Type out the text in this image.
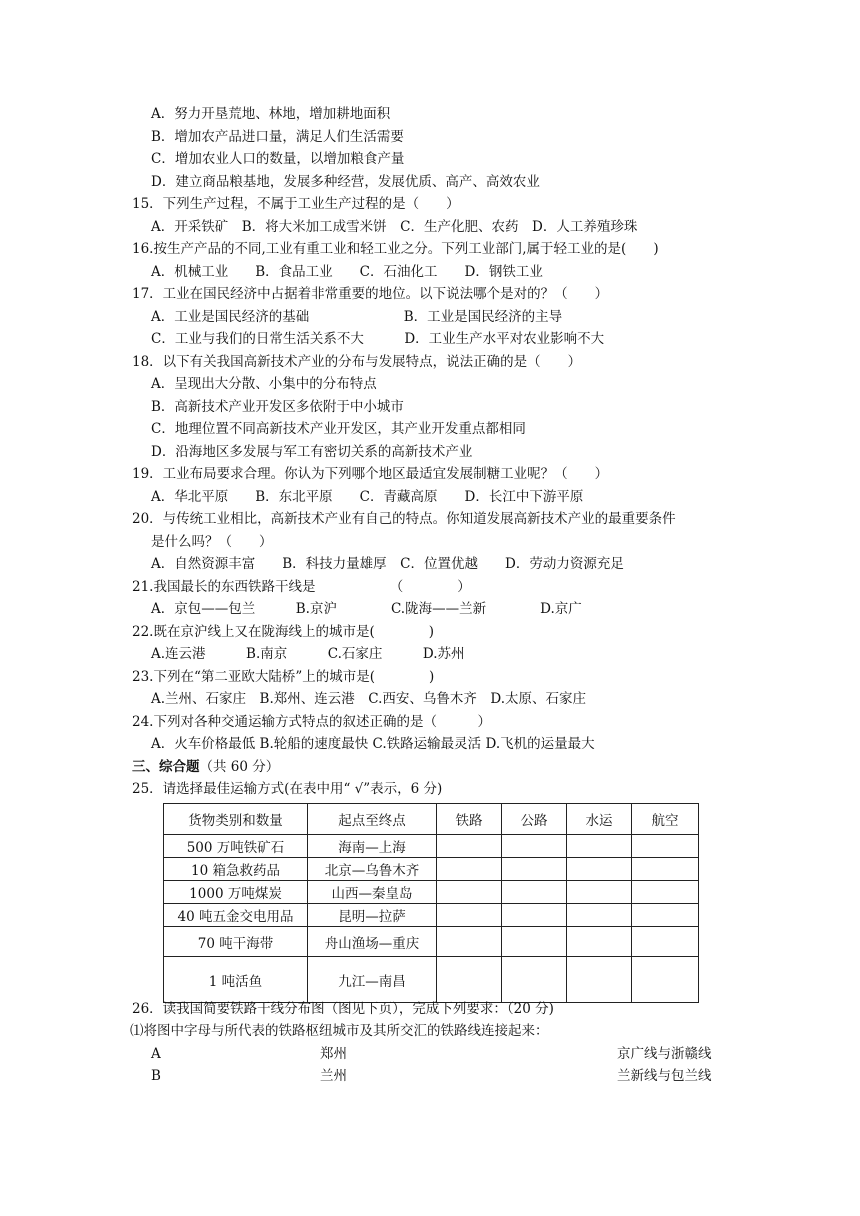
A．努力开垦荒地、林地，增加耕地面积
B．增加农产品进口量，满足人们生活需要
C．增加农业人口的数量，以增加粮食产量
D．建立商品粮基地，发展多种经营，发展优质、高产、高效农业
15．下列生产过程，不属于工业生产过程的是（　　）
A．开采铁矿　B．将大米加工成雪米饼　C．生产化肥、农药　D．人工养殖珍珠
16.按生产产品的不同,工业有重工业和轻工业之分。下列工业部门,属于轻工业的是(　　)
A．机械工业　　B．食品工业　　C．石油化工　　D．钢铁工业
17．工业在国民经济中占据着非常重要的地位。以下说法哪个是对的？（　　）
A．工业是国民经济的基础　　　　　　　B．工业是国民经济的主导
C．工业与我们的日常生活关系不大　　　D．工业生产水平对农业影响不大
18．以下有关我国高新技术产业的分布与发展特点，说法正确的是（　　）
A．呈现出大分散、小集中的分布特点
B．高新技术产业开发区多依附于中小城市
C．地理位置不同高新技术产业开发区，其产业开发重点都相同
D．沿海地区多发展与军工有密切关系的高新技术产业
19．工业布局要求合理。你认为下列哪个地区最适宜发展制糖工业呢？（　　）
A．华北平原　　B．东北平原　　C．青藏高原　　D．长江中下游平原
20．与传统工业相比，高新技术产业有自己的特点。你知道发展高新技术产业的最重要条件
是什么吗？（　　）
A．自然资源丰富　　B．科技力量雄厚　C．位置优越　　D．劳动力资源充足
21.我国最长的东西铁路干线是　　　　　　（　　　　）
A．京包——包兰　　　B.京沪　　　　C.陇海——兰新　　　　D.京广
22.既在京沪线上又在陇海线上的城市是(　　　　)
A.连云港　　　B.南京　　　C.石家庄　　　D.苏州
23.下列在“第二亚欧大陆桥”上的城市是(　　　　)
A.兰州、石家庄　B.郑州、连云港　C.西安、乌鲁木齐　D.太原、石家庄
24.下列对各种交通运输方式特点的叙述正确的是（　　　）
A．火车价格最低 B.轮船的速度最快 C.铁路运输最灵活 D.飞机的运量最大
三、综合题（共 60 分）
25．请选择最佳运输方式(在表中用“ √”表示，6 分)
货物类别和数量	起点至终点	铁路	公路	水运	航空
500 万吨铁矿石	海南—上海				
10 箱急救药品	北京—乌鲁木齐				
1000 万吨煤炭	山西—秦皇岛				
40 吨五金交电用品	昆明—拉萨				
70 吨干海带	舟山渔场—重庆				
1 吨活鱼	九江—南昌				
26．读我国简要铁路干线分布图（图见下页），完成下列要求：（20 分)
⑴将图中字母与所代表的铁路枢纽城市及其所交汇的铁路线连接起来：
A	郑州	京广线与浙赣线
B	兰州	兰新线与包兰线
